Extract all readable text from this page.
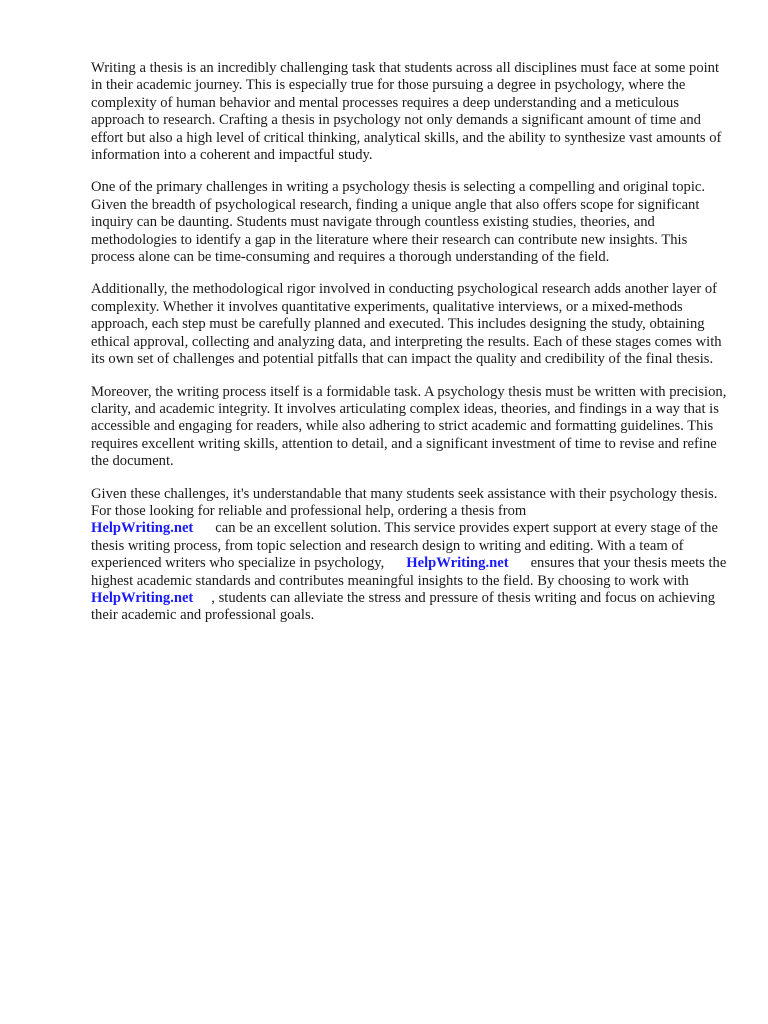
Writing a thesis is an incredibly challenging task that students across all disciplines must face at some point in their academic journey. This is especially true for those pursuing a degree in psychology, where the complexity of human behavior and mental processes requires a deep understanding and a meticulous approach to research. Crafting a thesis in psychology not only demands a significant amount of time and effort but also a high level of critical thinking, analytical skills, and the ability to synthesize vast amounts of information into a coherent and impactful study.

One of the primary challenges in writing a psychology thesis is selecting a compelling and original topic. Given the breadth of psychological research, finding a unique angle that also offers scope for significant inquiry can be daunting. Students must navigate through countless existing studies, theories, and methodologies to identify a gap in the literature where their research can contribute new insights. This process alone can be time-consuming and requires a thorough understanding of the field.

Additionally, the methodological rigor involved in conducting psychological research adds another layer of complexity. Whether it involves quantitative experiments, qualitative interviews, or a mixed-methods approach, each step must be carefully planned and executed. This includes designing the study, obtaining ethical approval, collecting and analyzing data, and interpreting the results. Each of these stages comes with its own set of challenges and potential pitfalls that can impact the quality and credibility of the final thesis.

Moreover, the writing process itself is a formidable task. A psychology thesis must be written with precision, clarity, and academic integrity. It involves articulating complex ideas, theories, and findings in a way that is accessible and engaging for readers, while also adhering to strict academic and formatting guidelines. This requires excellent writing skills, attention to detail, and a significant investment of time to revise and refine the document.

Given these challenges, it's understandable that many students seek assistance with their psychology thesis. For those looking for reliable and professional help, ordering a thesis from
HelpWriting.net can be an excellent solution. This service provides expert support at every stage of the thesis writing process, from topic selection and research design to writing and editing. With a team of experienced writers who specialize in psychology, HelpWriting.net ensures that your thesis meets the highest academic standards and contributes meaningful insights to the field. By choosing to work withHelpWriting.net , students can alleviate the stress and pressure of thesis writing and focus on achieving their academic and professional goals.
